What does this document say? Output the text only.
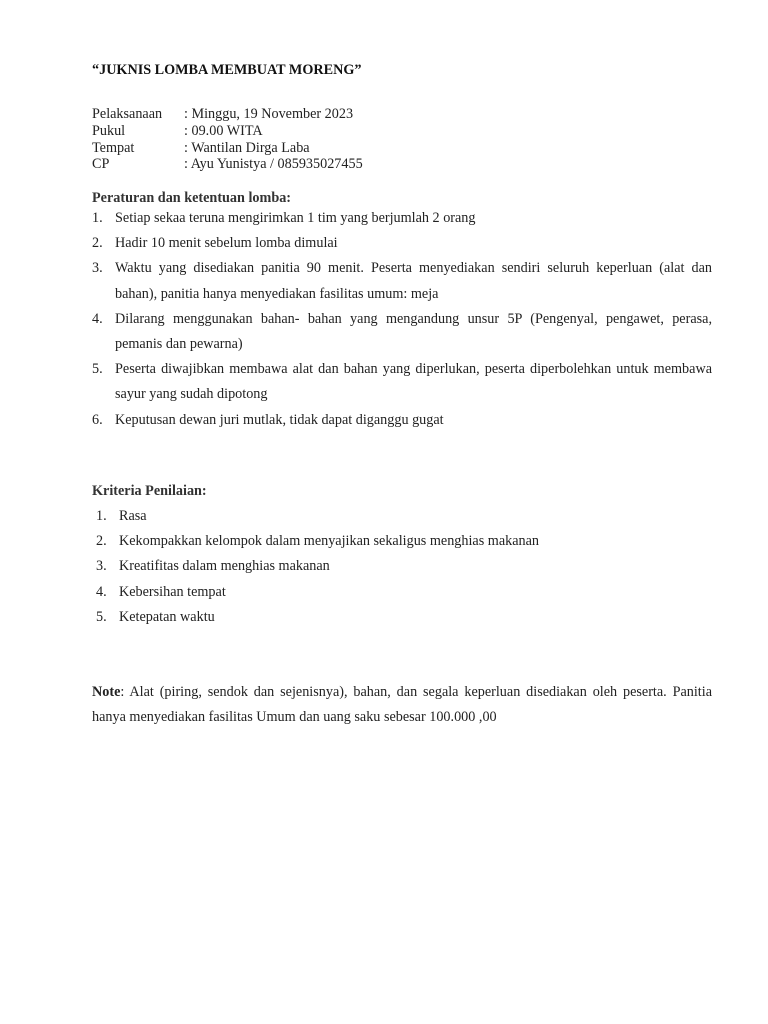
“JUKNIS LOMBA MEMBUAT MORENG”
Pelaksanaan	: Minggu, 19 November 2023
Pukul	: 09.00 WITA
Tempat	: Wantilan Dirga Laba
CP	: Ayu Yunistya / 085935027455
Peraturan dan ketentuan lomba:
1. Setiap sekaa teruna mengirimkan 1 tim yang berjumlah 2 orang
2. Hadir 10 menit sebelum lomba dimulai
3. Waktu yang disediakan panitia 90 menit. Peserta menyediakan sendiri seluruh keperluan (alat dan bahan), panitia hanya menyediakan fasilitas umum: meja
4. Dilarang menggunakan bahan- bahan yang mengandung unsur 5P (Pengenyal, pengawet, perasa, pemanis dan pewarna)
5. Peserta diwajibkan membawa alat dan bahan yang diperlukan, peserta diperbolehkan untuk membawa sayur yang sudah dipotong
6. Keputusan dewan juri mutlak, tidak dapat diganggu gugat
Kriteria Penilaian:
1. Rasa
2. Kekompakkan kelompok dalam menyajikan sekaligus menghias makanan
3. Kreatifitas dalam menghias makanan
4. Kebersihan tempat
5. Ketepatan waktu
Note: Alat (piring, sendok dan sejenisnya), bahan, dan segala keperluan disediakan oleh peserta. Panitia hanya menyediakan fasilitas Umum dan uang saku sebesar 100.000 ,00
